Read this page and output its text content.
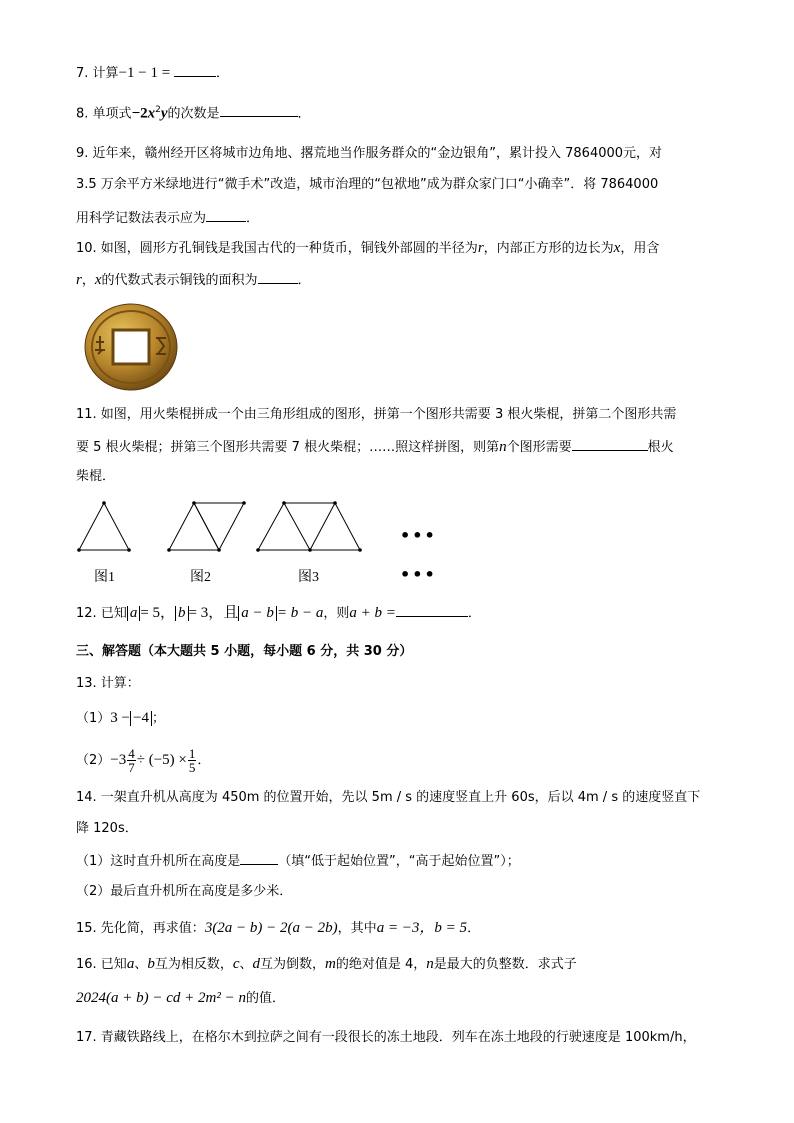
7. 计算−1 − 1 =	．
8. 单项式$-2x^2y$的次数是	．
9. 近年来，赣州经开区将城市边角地、撂荒地当作服务群众的“金边银角”，累计投入 7864000元，对
3.5 万余平方米绿地进行“微手术”改造，城市治理的“包袱地”成为群众家门口“小确幸”．将 7864000
用科学记数法表示应为	．
10. 如图，圆形方孔铜钱是我国古代的一种货币，铜钱外部圆的半径为r，内部正方形的边长为x，用含
r，x的代数式表示铜钱的面积为	．
11. 如图，用火柴棍拼成一个由三角形组成的图形，拼第一个图形共需要 3 根火柴棍，拼第二个图形共需
要 5 根火柴棍；拼第三个图形共需要 7 根火柴棍；……照这样拼图，则第n个图形需要	根火
柴棍．
•••
图1	图2	图3	•••
12. 已知 a = 5， b = 3，且 a − b = b − a，则a + b =	．
三、解答题（本大题共 5 小题，每小题 6 分，共 30 分）
13. 计算：
（1）3 − −4 ；
$(2)-3 \frac{4}{7} \div (-5) \times \frac{1}{5}$ ．
14. 一架直升机从高度为 450m 的位置开始，先以 5m / s 的速度竖直上升 60s，后以 4m / s 的速度竖直下
降 120s．
（1）这时直升机所在高度是	（填“低于起始位置”，“高于起始位置”）；
（2）最后直升机所在高度是多少米．
15. 先化简，再求值：3(2a − b) − 2(a − 2b)，其中a = −3，b = 5．
16. 已知a、b互为相反数，c、d互为倒数，m的绝对值是 4，n是最大的负整数．求式子
2024(a + b) − cd + 2m² − n的值．
17. 青藏铁路线上，在格尔木到拉萨之间有一段很长的冻土地段．列车在冻土地段的行驶速度是 100km/h，
